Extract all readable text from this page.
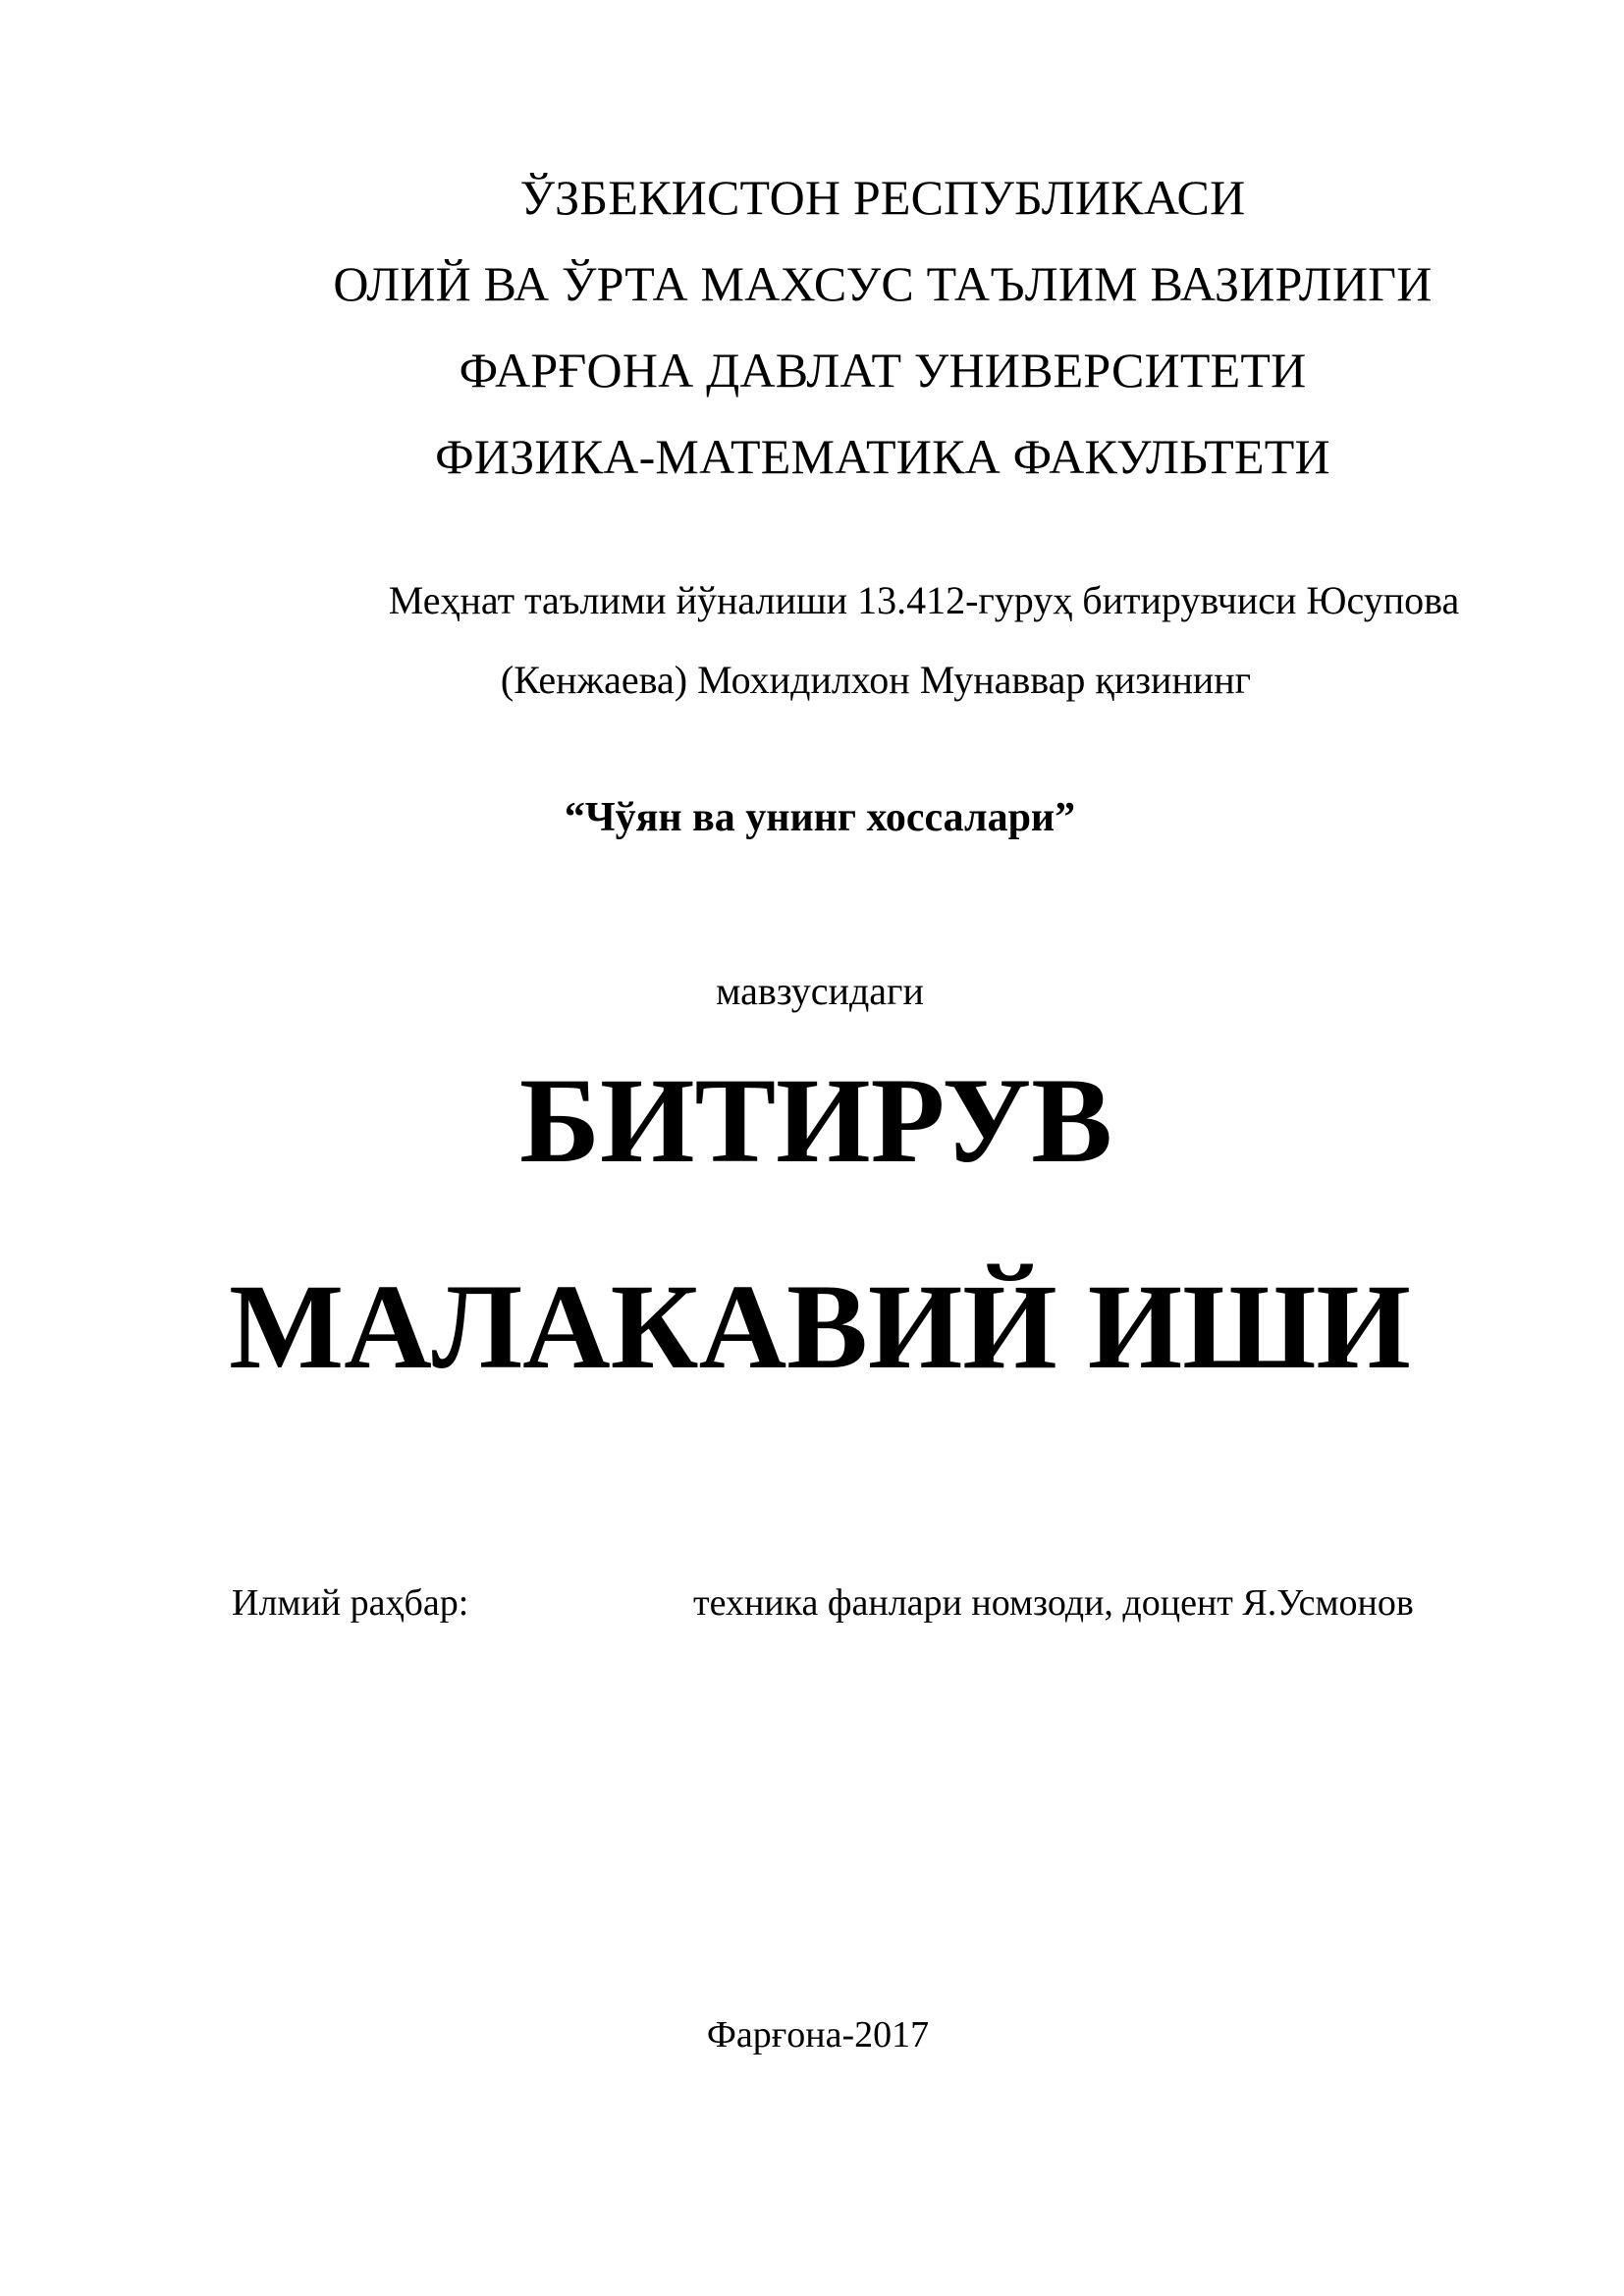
ЎЗБЕКИСТОН РЕСПУБЛИКАСИ
ОЛИЙ ВА ЎРТА МАХСУС ТАЪЛИМ ВАЗИРЛИГИ
ФАРҒОНА ДАВЛАТ УНИВЕРСИТЕТИ
ФИЗИКА-МАТЕМАТИКА ФАКУЛЬТЕТИ
Меҳнат таълими йўналиши 13.412-гуруҳ битирувчиси Юсупова
(Кенжаева) Мохидилхон Мунаввар қизининг
“Чўян ва унинг хоссалари”
мавзусидаги
БИТИРУВ
МАЛАКАВИЙ ИШИ
Илмий раҳбар:	техника фанлари номзоди, доцент Я.Усмонов
Фарғона-2017
